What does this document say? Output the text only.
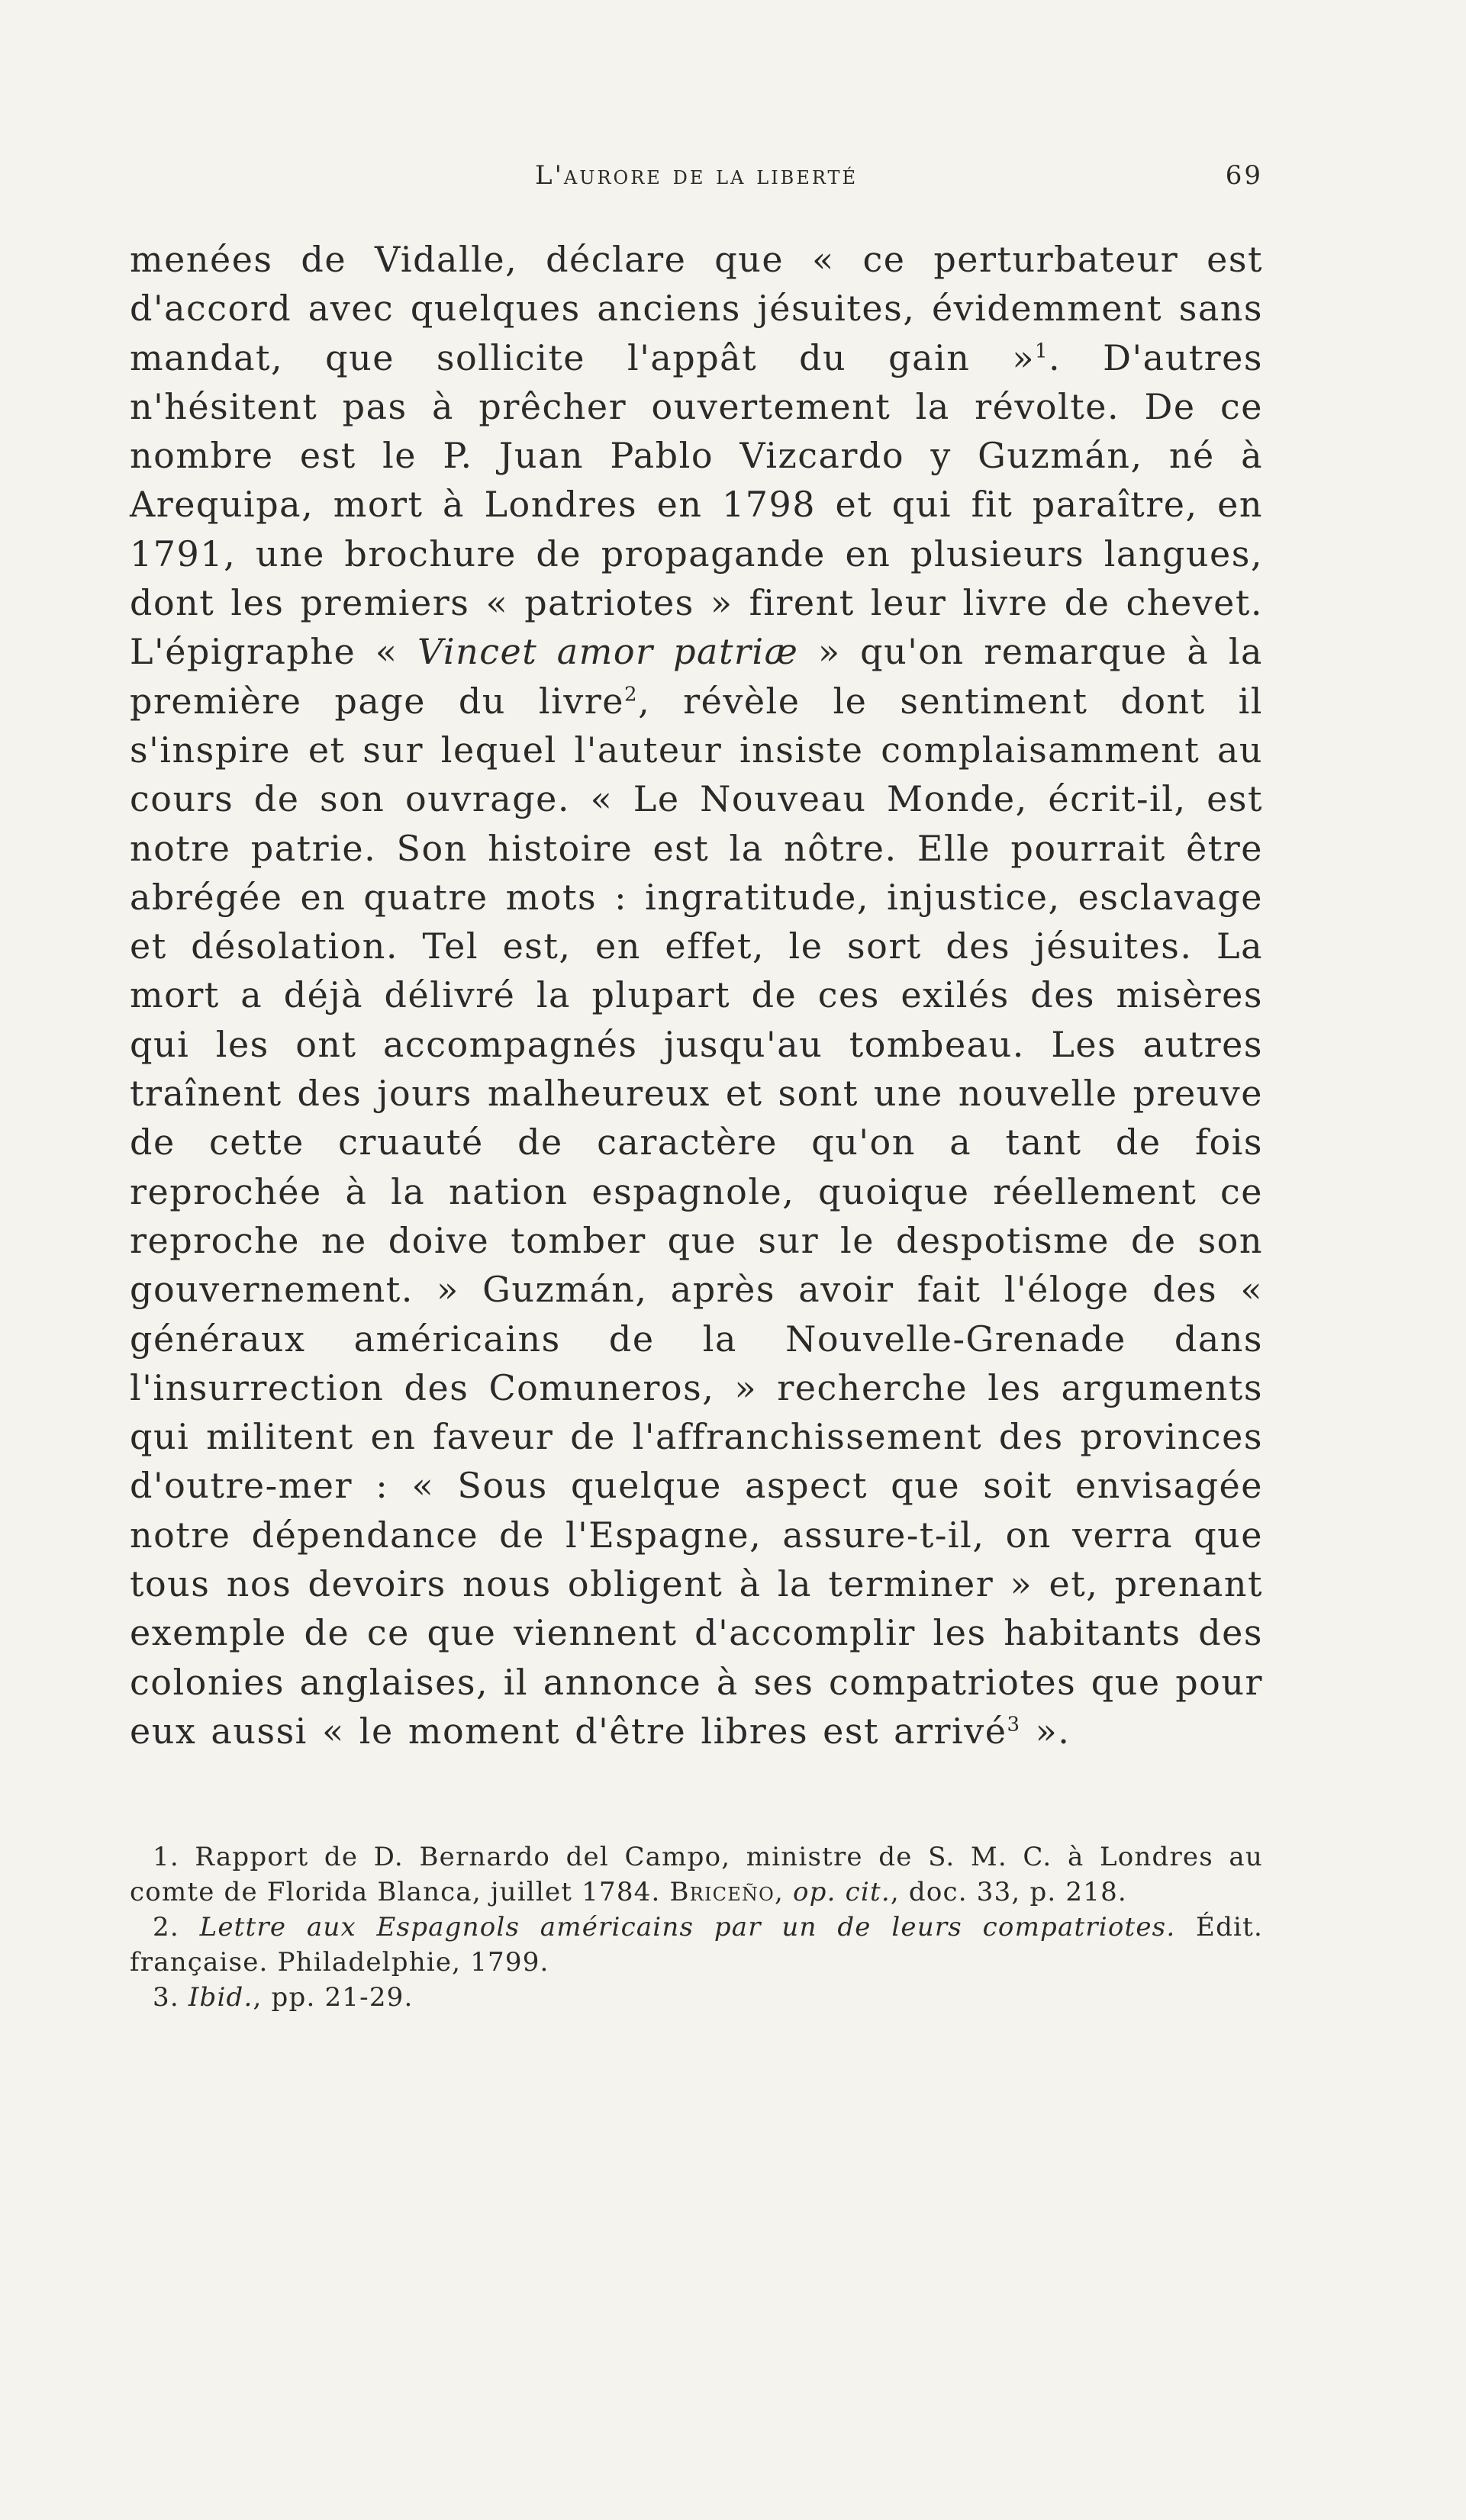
L'aurore de la liberté	69

menées de Vidalle, déclare que « ce perturbateur est d'accord avec quelques anciens jésuites, évidemment sans mandat, que sollicite l'appât du gain »$^1$. D'autres n'hésitent pas à prêcher ouvertement la révolte. De ce nombre est le P. Juan Pablo Vizcardo y Guzmán, né à Arequipa, mort à Londres en 1798 et qui fit paraître, en 1791, une brochure de propagande en plusieurs langues, dont les premiers « patriotes » firent leur livre de chevet. L'épigraphe « Vincet amor patriæ » qu'on remarque à la première page du livre$^2$, révèle le sentiment dont il s'inspire et sur lequel l'auteur insiste complaisamment au cours de son ouvrage. « Le Nouveau Monde, écrit-il, est notre patrie. Son histoire est la nôtre. Elle pourrait être abrégée en quatre mots : ingratitude, injustice, esclavage et désolation. Tel est, en effet, le sort des jésuites. La mort a déjà délivré la plupart de ces exilés des misères qui les ont accompagnés jusqu'au tombeau. Les autres traînent des jours malheureux et sont une nouvelle preuve de cette cruauté de caractère qu'on a tant de fois reprochée à la nation espagnole, quoique réellement ce reproche ne doive tomber que sur le despotisme de son gouvernement. » Guzmán, après avoir fait l'éloge des « généraux américains de la Nouvelle-Grenade dans l'insurrection des Comuneros, » recherche les arguments qui militent en faveur de l'affranchissement des provinces d'outre-mer : « Sous quelque aspect que soit envisagée notre dépendance de l'Espagne, assure-t-il, on verra que tous nos devoirs nous obligent à la terminer » et, prenant exemple de ce que viennent d'accomplir les habitants des colonies anglaises, il annonce à ses compatriotes que pour eux aussi « le moment d'être libres est arrivé$^3$ ».

1. Rapport de D. Bernardo del Campo, ministre de S. M. C. à Londres au comte de Florida Blanca, juillet 1784. Briceño, op. cit., doc. 33, p. 218.

2. Lettre aux Espagnols américains par un de leurs compatriotes. Édit. française. Philadelphie, 1799.

3. Ibid., pp. 21-29.
